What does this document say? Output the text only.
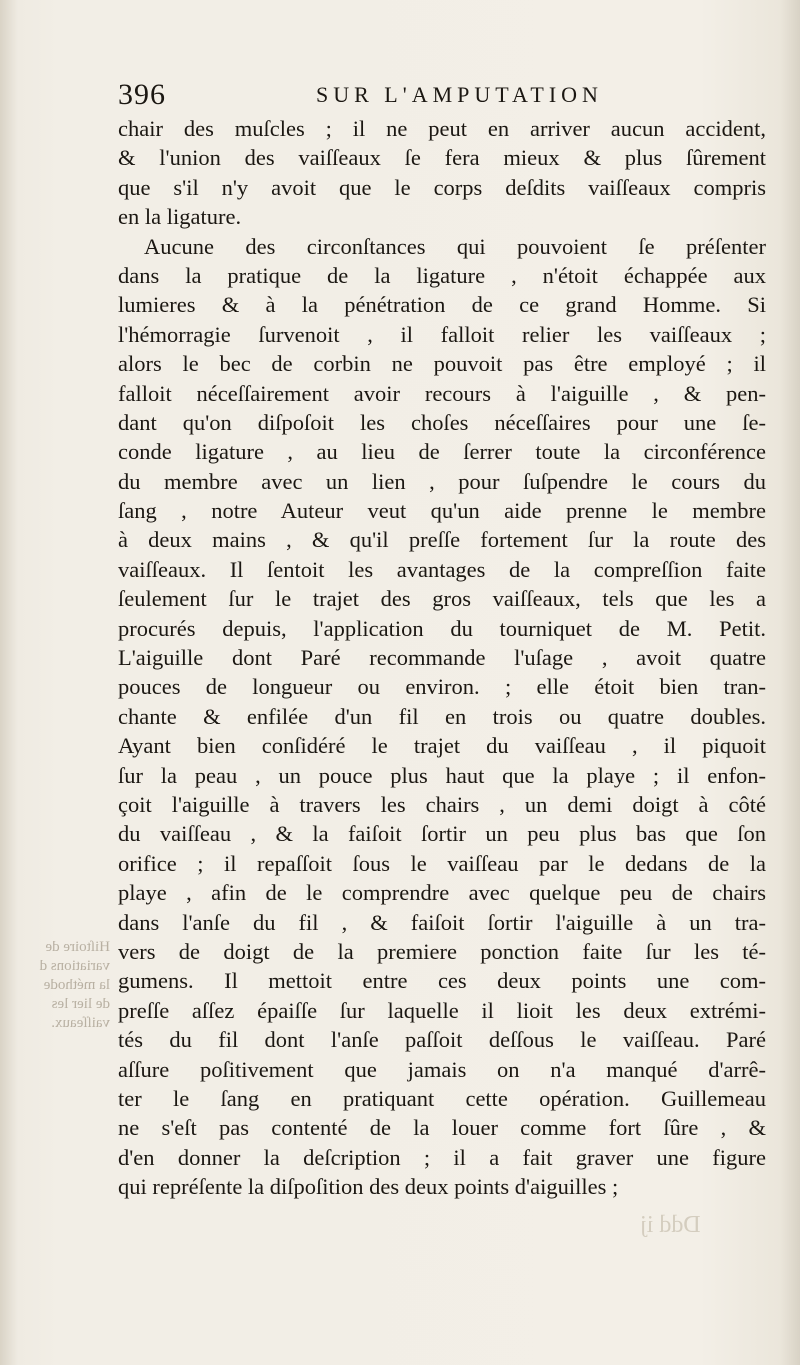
396	SUR L'AMPUTATION
chair des muſcles ; il ne peut en arriver aucun accident,
& l'union des vaiſſeaux ſe fera mieux & plus ſûrement
que s'il n'y avoit que le corps deſdits vaiſſeaux compris
en la ligature.
Aucune des circonſtances qui pouvoient ſe préſenter
dans la pratique de la ligature , n'étoit échappée aux
lumieres & à la pénétration de ce grand Homme. Si
l'hémorragie ſurvenoit , il falloit relier les vaiſſeaux ;
alors le bec de corbin ne pouvoit pas être employé ; il
falloit néceſſairement avoir recours à l'aiguille , & pen-
dant qu'on diſpoſoit les choſes néceſſaires pour une ſe-
conde ligature , au lieu de ſerrer toute la circonférence
du membre avec un lien , pour ſuſpendre le cours du
ſang , notre Auteur veut qu'un aide prenne le membre
à deux mains , & qu'il preſſe fortement ſur la route des
vaiſſeaux. Il ſentoit les avantages de la compreſſion faite
ſeulement ſur le trajet des gros vaiſſeaux, tels que les a
procurés depuis, l'application du tourniquet de M. Petit.
L'aiguille dont Paré recommande l'uſage , avoit quatre
pouces de longueur ou environ. ; elle étoit bien tran-
chante & enfilée d'un fil en trois ou quatre doubles.
Ayant bien conſidéré le trajet du vaiſſeau , il piquoit
ſur la peau , un pouce plus haut que la playe ; il enfon-
çoit l'aiguille à travers les chairs , un demi doigt à côté
du vaiſſeau , & la faiſoit ſortir un peu plus bas que ſon
orifice ; il repaſſoit ſous le vaiſſeau par le dedans de la
playe , afin de le comprendre avec quelque peu de chairs
dans l'anſe du fil , & faiſoit ſortir l'aiguille à un tra-
vers de doigt de la premiere ponction faite ſur les té-
gumens. Il mettoit entre ces deux points une com-
preſſe aſſez épaiſſe ſur laquelle il lioit les deux extrémi-
tés du fil dont l'anſe paſſoit deſſous le vaiſſeau. Paré
aſſure poſitivement que jamais on n'a manqué d'arrê-
ter le ſang en pratiquant cette opération. Guillemeau
ne s'eſt pas contenté de la louer comme fort ſûre , &
d'en donner la deſcription ; il a fait graver une figure
qui repréſente la diſpoſition des deux points d'aiguilles ;
Hiſtoire de
variations d
la méthode
de lier les
vaiſſeaux.
Ddd ij
